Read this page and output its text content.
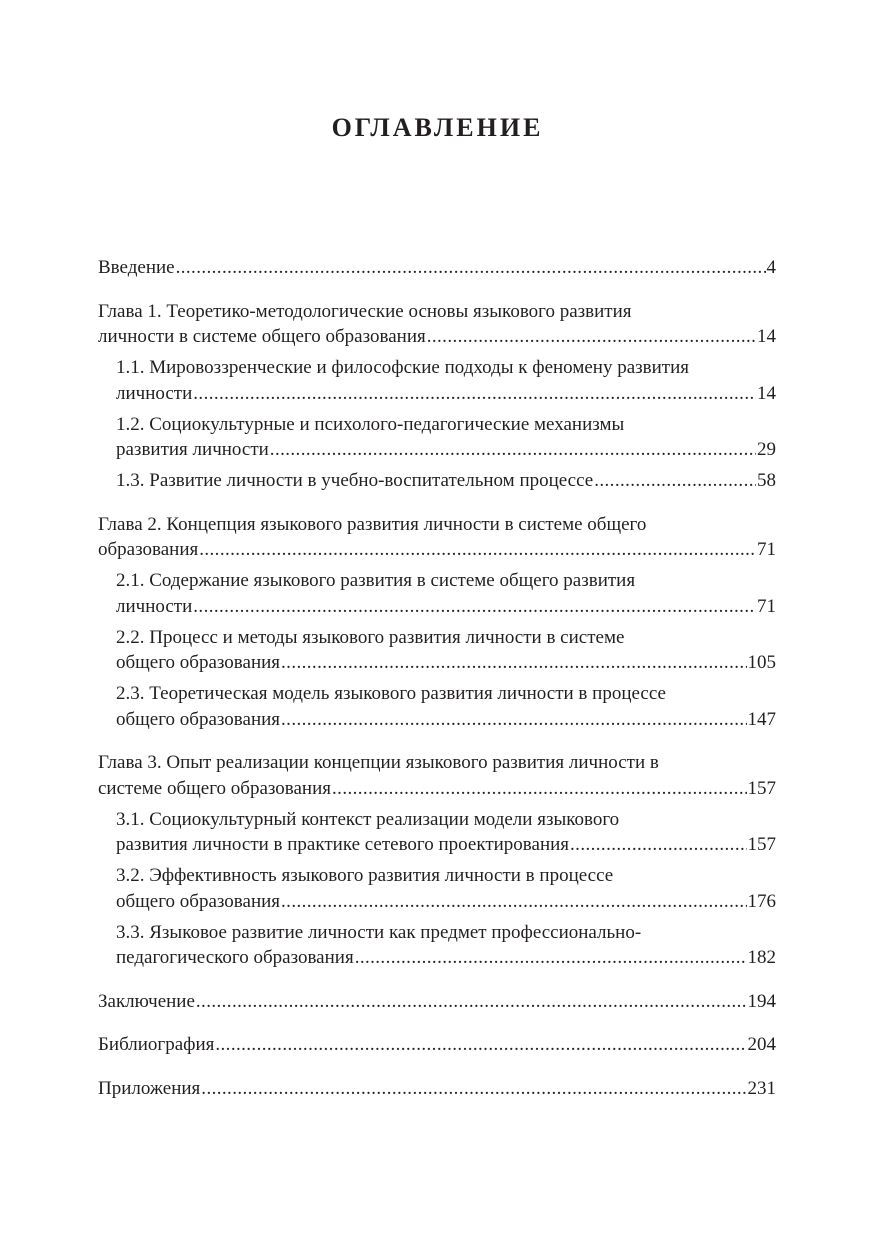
ОГЛАВЛЕНИЕ
Введение .....	4
Глава 1. Теоретико-методологические основы языкового развития
личности в системе общего образования .....	14
1.1. Мировоззренческие и философские подходы к феномену развития
личности .....	14
1.2. Социокультурные и психолого-педагогические механизмы
развития личности .....	29
1.3. Развитие личности в учебно-воспитательном процессе .....	58
Глава 2. Концепция языкового развития личности в системе общего
образования .....	71
2.1. Содержание языкового развития в системе общего развития
личности .....	71
2.2. Процесс и методы языкового развития личности в системе
общего образования .....	105
2.3. Теоретическая модель языкового развития личности в процессе
общего образования .....	147
Глава 3. Опыт реализации концепции языкового развития личности в
системе общего образования .....	157
3.1. Социокультурный контекст реализации модели языкового
развития личности в практике сетевого проектирования .....	157
3.2. Эффективность языкового развития личности в процессе
общего образования .....	176
3.3. Языковое развитие личности как предмет профессионально-
педагогического образования .....	182
Заключение .....	194
Библиография .....	204
Приложения .....	231
